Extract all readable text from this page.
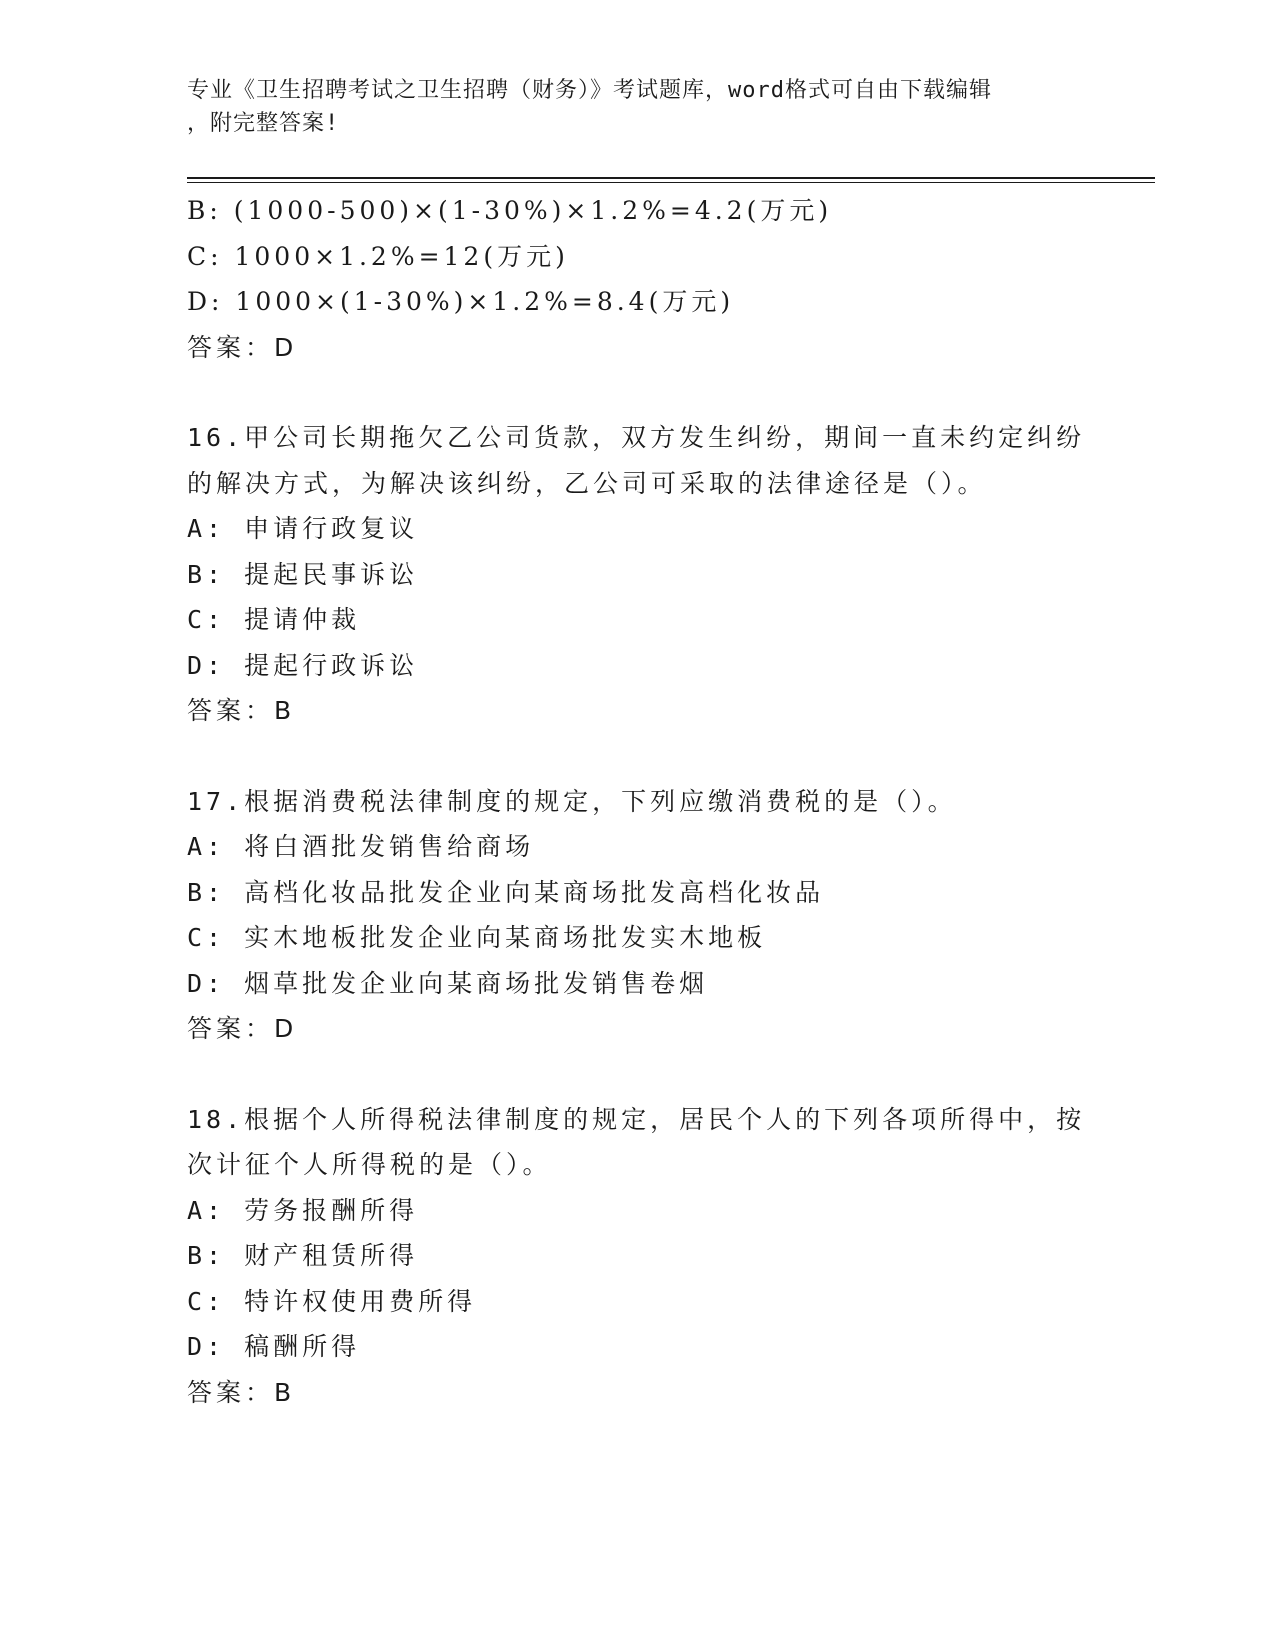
专业《卫生招聘考试之卫生招聘（财务）》考试题库，word格式可自由下载编辑
，附完整答案!
B: (1000-500)×(1-30%)×1.2%=4.2(万元)
C: 1000×1.2%=12(万元)
D: 1000×(1-30%)×1.2%=8.4(万元)
答案：D
16.甲公司长期拖欠乙公司货款，双方发生纠纷，期间一直未约定纠纷
的解决方式，为解决该纠纷，乙公司可采取的法律途径是（）。
A: 申请行政复议
B: 提起民事诉讼
C: 提请仲裁
D: 提起行政诉讼
答案：B
17.根据消费税法律制度的规定，下列应缴消费税的是（）。
A: 将白酒批发销售给商场
B: 高档化妆品批发企业向某商场批发高档化妆品
C: 实木地板批发企业向某商场批发实木地板
D: 烟草批发企业向某商场批发销售卷烟
答案：D
18.根据个人所得税法律制度的规定，居民个人的下列各项所得中，按
次计征个人所得税的是（）。
A: 劳务报酬所得
B: 财产租赁所得
C: 特许权使用费所得
D: 稿酬所得
答案：B
